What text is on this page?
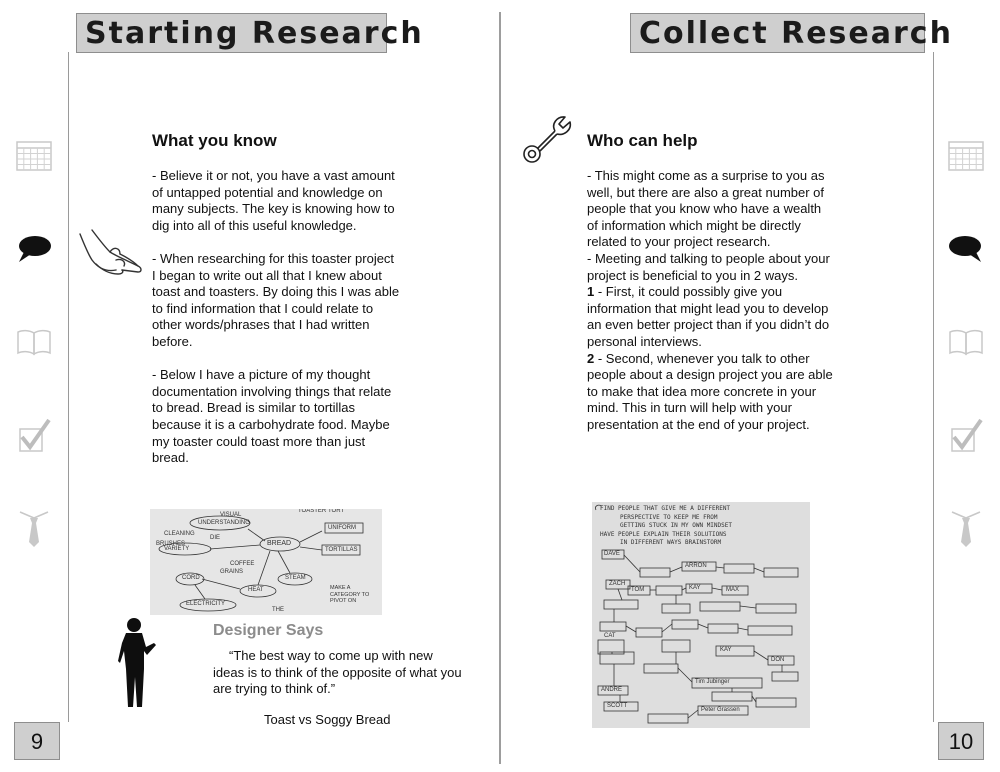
Starting Research	Collect Research
9	10
What you know

- Believe it or not, you have a vast amount of untapped potential and knowledge on many subjects. The key is knowing how to dig into all of this useful knowledge.

- When researching for this toaster project I began to write out all that I knew about toast and toasters. By doing this I was able to find information that I could relate to other words/phrases that I had written before.

- Below I have a picture of my thought documentation involving things that relate to bread. Bread is similar to tortillas because it is a carbohydrate food. Maybe my toaster could toast more than just bread.

TOASTER TORT
VISUAL
UNDERSTANDING
CLEANING
BREAD
UNIFORM
BRUSHES
DIE
TORTILLAS
VARIETY
COFFEE
GRAINS
CORD	STEAM
HEAT
ELECTRICITY
MAKE A CATEGORY TO PIVOT ON
THE
Designer Says
“The best way to come up with new ideas is to think of the opposite of what you are trying to think of.”
Toast vs Soggy Bread
Who can help

- This might come as a surprise to you as well, but there are also a great number of people that you know who have a wealth of information which might be directly related to your project research.

- Meeting and talking to people about your project is beneficial to you in 2 ways.

1 - First, it could possibly give you information that might lead you to develop an even better project than if you didn’t do personal interviews.

2 - Second, whenever you talk to other people about a design project you are able to make that idea more concrete in your mind. This in turn will help with your presentation at the end of your project.

FIND PEOPLE THAT GIVE ME A DIFFERENT
PERSPECTIVE TO KEEP ME FROM
GETTING STUCK IN MY OWN MINDSET
HAVE PEOPLE EXPLAIN THEIR SOLUTIONS
IN DIFFERENT WAYS BRAINSTORM
DAVE
ARRON
ZACH
TOM	KAY	MAX
KAY
DON
CAT
Tim Jubinger
Peter Grassen
ANDRE
SCOTT
